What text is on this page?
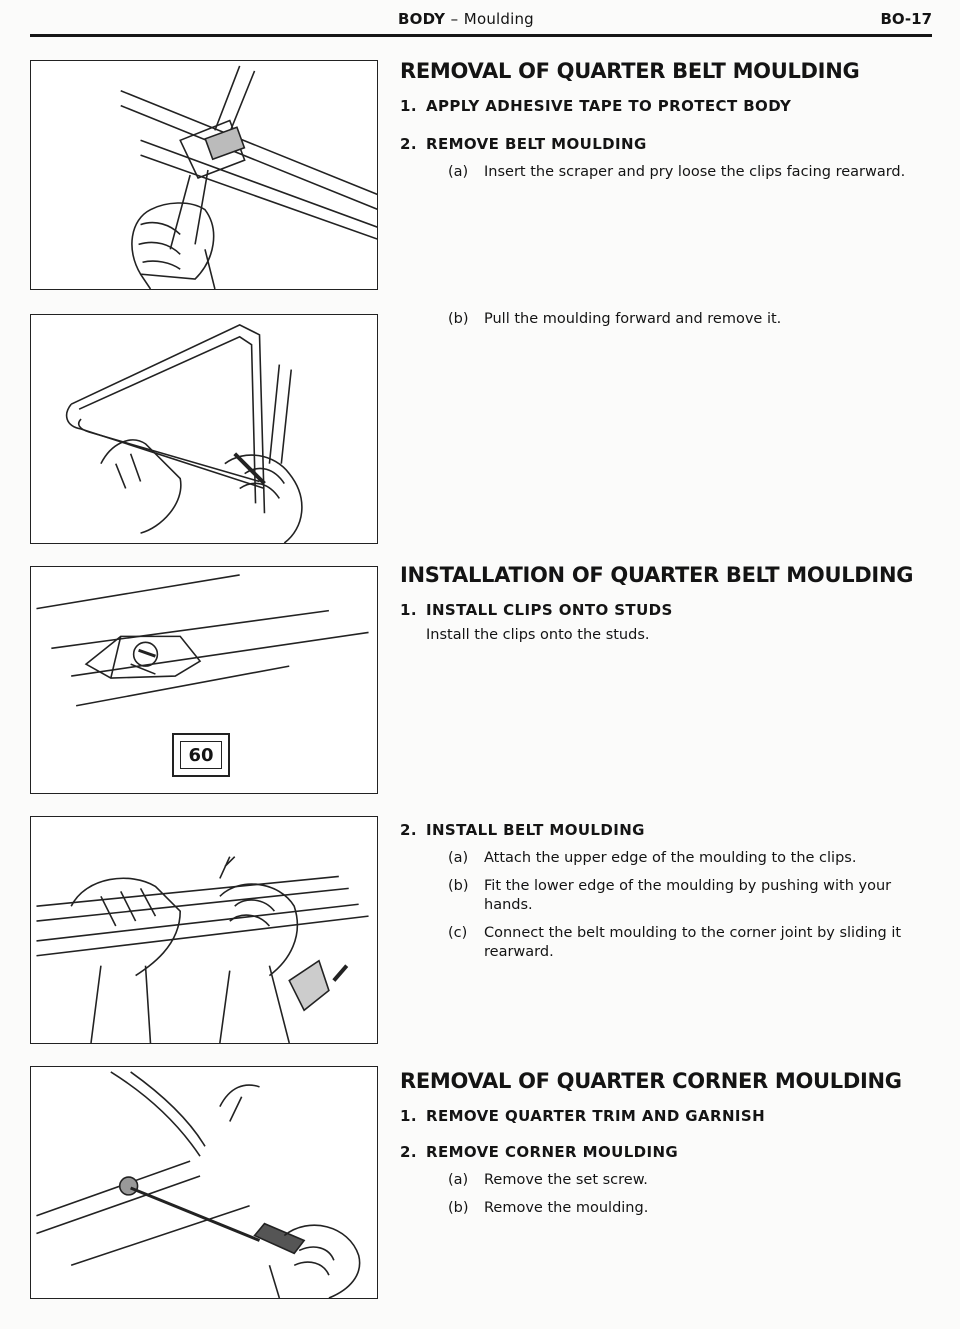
BODY – Moulding	BO-17
60
REMOVAL OF QUARTER BELT MOULDING
1. APPLY ADHESIVE TAPE TO PROTECT BODY
2. REMOVE BELT MOULDING
(a) Insert the scraper and pry loose the clips facing rearward.
(b) Pull the moulding forward and remove it.
INSTALLATION OF QUARTER BELT MOULDING
1. INSTALL CLIPS ONTO STUDS
Install the clips onto the studs.
2. INSTALL BELT MOULDING
(a) Attach the upper edge of the moulding to the clips.
(b) Fit the lower edge of the moulding by pushing with your hands.
(c) Connect the belt moulding to the corner joint by sliding it rearward.
REMOVAL OF QUARTER CORNER MOULDING
1. REMOVE QUARTER TRIM AND GARNISH
2. REMOVE CORNER MOULDING
(a) Remove the set screw.
(b) Remove the moulding.
